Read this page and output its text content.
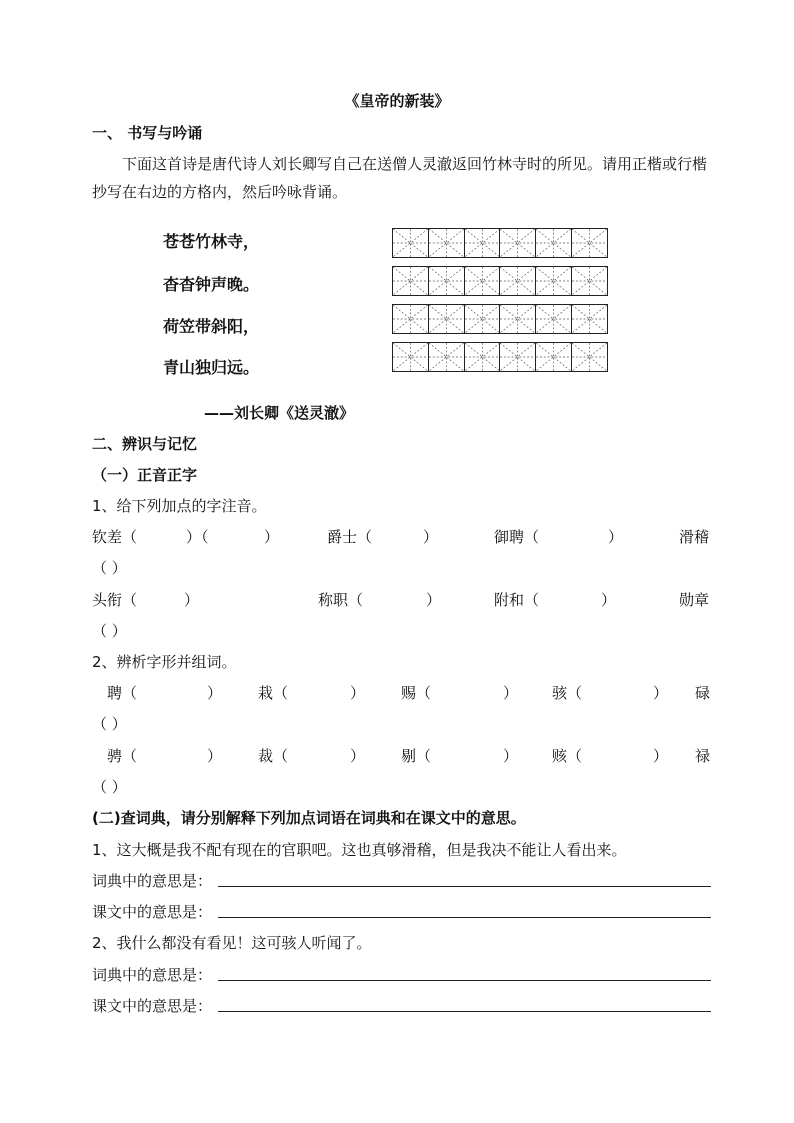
《皇帝的新装》
一、 书写与吟诵
下面这首诗是唐代诗人刘长卿写自己在送僧人灵澈返回竹林寺时的所见。请用正楷或行楷抄写在右边的方格内，然后吟咏背诵。
苍苍竹林寺，
杳杳钟声晚。
荷笠带斜阳，
青山独归远。
——刘长卿《送灵澈》
二、辨识与记忆
（一）正音正字
1、给下列加点的字注音。
钦差（	）（	）	爵士（	）	御聘（	）	滑稽
（ ）
头衔（	）	称职（	）	附和（	）	勋章
（ ）
2、辨析字形并组词。
聘（	） 栽（	） 赐（	） 骇（	） 碌
（ ）
骋（	） 裁（	） 剔（	） 赅（	） 禄
（ ）
(二)查词典，请分别解释下列加点词语在词典和在课文中的意思。
1、这大概是我不配有现在的官职吧。这也真够滑稽，但是我决不能让人看出来。
词典中的意思是：
课文中的意思是：
2、我什么都没有看见！这可骇人听闻了。
词典中的意思是：
课文中的意思是：
